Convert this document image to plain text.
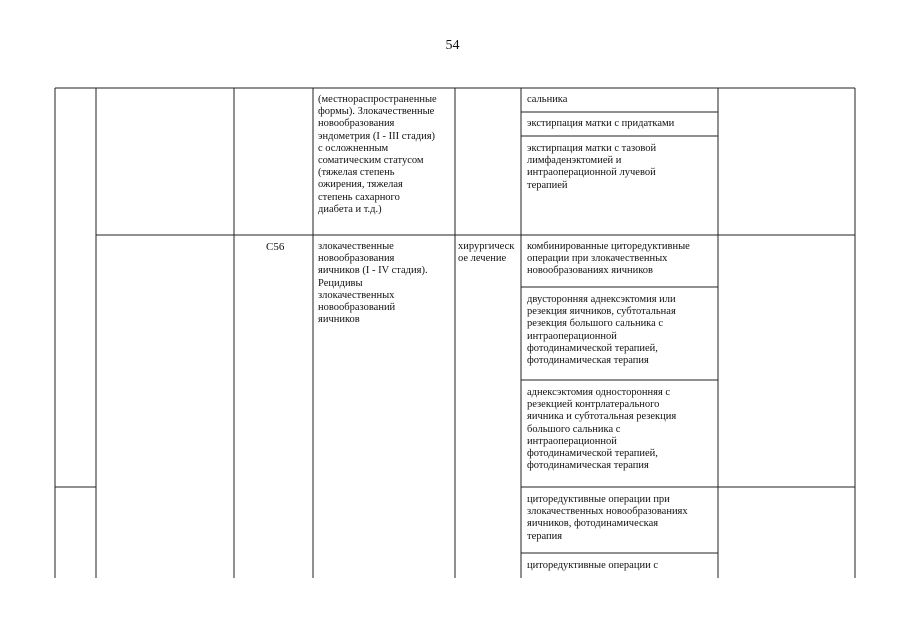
54

(местнораспространенные
формы). Злокачественные
новообразования
эндометрия (I - III стадия)
с осложненным
соматическим статусом
(тяжелая степень
ожирения, тяжелая
степень сахарного
диабета и т.д.)

сальника

экстирпация матки с придатками

экстирпация матки с тазовой
лимфаденэктомией и
интраоперационной лучевой
терапией

C56	злокачественные
новообразования
яичников (I - IV стадия).
Рецидивы
злокачественных
новообразований
яичников

хирургическ
ое лечение

комбинированные циторедуктивные
операции при злокачественных
новообразованиях яичников

двусторонняя аднексэктомия или
резекция яичников, субтотальная
резекция большого сальника с
интраоперационной
фотодинамической терапией,
фотодинамическая терапия

аднексэктомия односторонняя с
резекцией контрлатерального
яичника и субтотальная резекция
большого сальника с
интраоперационной
фотодинамической терапией,
фотодинамическая терапия

циторедуктивные операции при
злокачественных новообразованиях
яичников, фотодинамическая
терапия

циторедуктивные операции с
